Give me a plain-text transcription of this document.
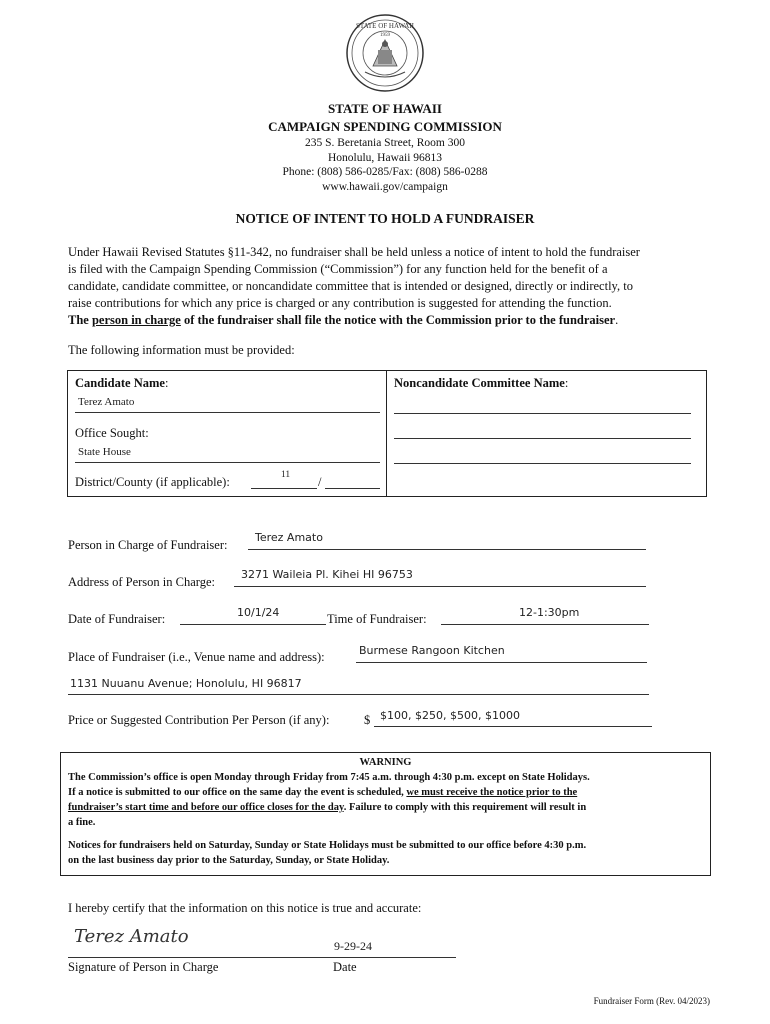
STATE OF HAWAII
1959
STATE OF HAWAII
CAMPAIGN SPENDING COMMISSION
235 S. Beretania Street, Room 300
Honolulu, Hawaii 96813
Phone: (808) 586-0285/Fax: (808) 586-0288
www.hawaii.gov/campaign
NOTICE OF INTENT TO HOLD A FUNDRAISER
Under Hawaii Revised Statutes §11-342, no fundraiser shall be held unless a notice of intent to hold the fundraiser
is filed with the Campaign Spending Commission (“Commission”) for any function held for the benefit of a
candidate, candidate committee, or noncandidate committee that is intended or designed, directly or indirectly, to
raise contributions for which any price is charged or any contribution is suggested for attending the function.
The person in charge of the fundraiser shall file the notice with the Commission prior to the fundraiser.
The following information must be provided:
Candidate Name:
Terez Amato
Office Sought:
State House
District/County (if applicable):	11 /
Noncandidate Committee Name:
Person in Charge of Fundraiser:
Terez Amato
Address of Person in Charge:
3271 Waileia Pl. Kihei HI 96753
Date of Fundraiser:	10/1/24	Time of Fundraiser:	12-1:30pm
Place of Fundraiser (i.e., Venue name and address):	Burmese Rangoon Kitchen
1131 Nuuanu Avenue; Honolulu, HI 96817
Price or Suggested Contribution Per Person (if any):	$ $100, $250, $500, $1000

WARNING

The Commission’s office is open Monday through Friday from 7:45 a.m. through 4:30 p.m. except on State Holidays.

If a notice is submitted to our office on the same day the event is scheduled, we must receive the notice prior to the

fundraiser’s start time and before our office closes for the day. Failure to comply with this requirement will result in

a fine.

Notices for fundraisers held on Saturday, Sunday or State Holidays must be submitted to our office before 4:30 p.m.

on the last business day prior to the Saturday, Sunday, or State Holiday.

I hereby certify that the information on this notice is true and accurate:
Terez Amato	9-29-24
Signature of Person in Charge	Date
Fundraiser Form (Rev. 04/2023)
